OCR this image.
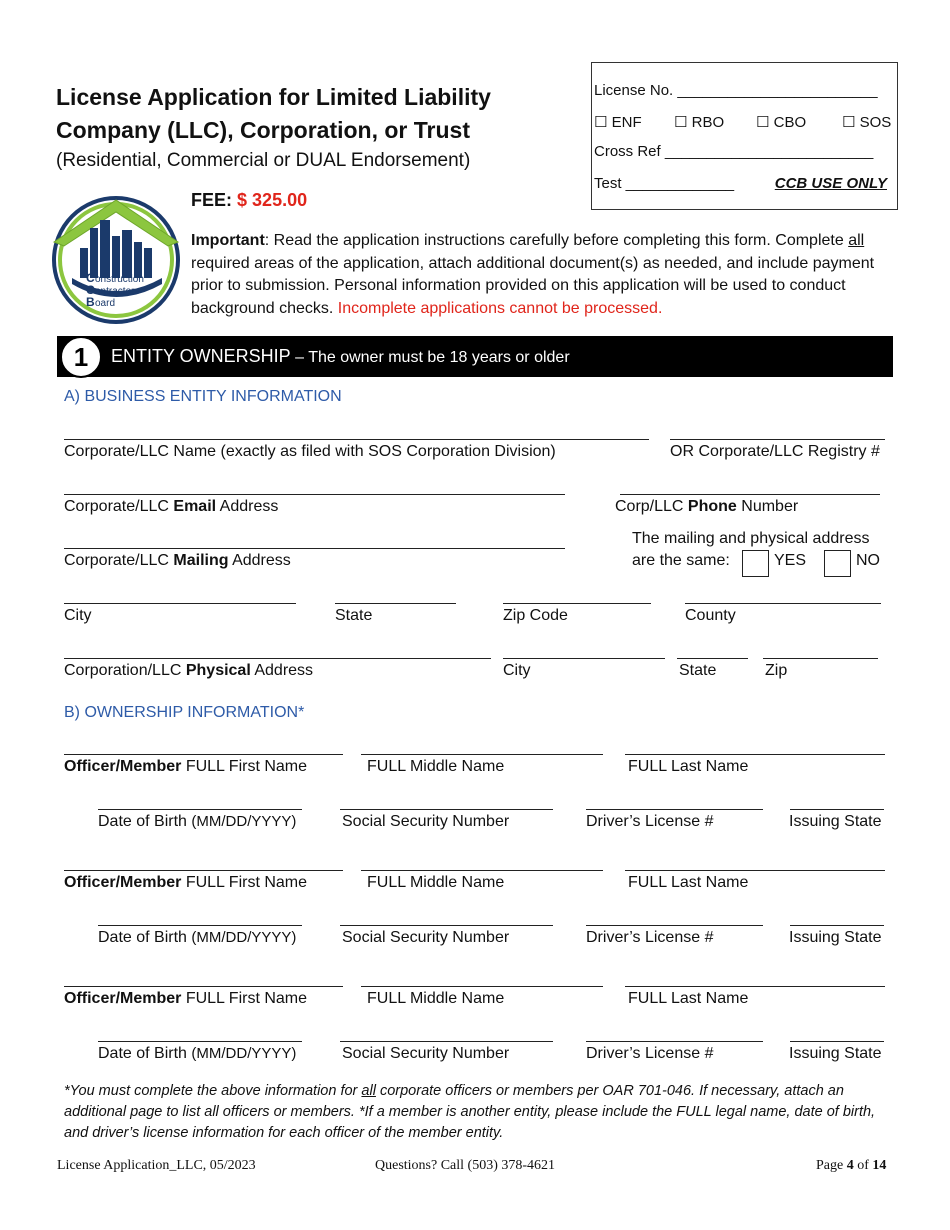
License Application for Limited Liability
Company (LLC), Corporation, or Trust
(Residential, Commercial or DUAL Endorsement)
C onstruction
C ontractors
B oard
FEE: $ 325.00
Important: Read the application instructions carefully before completing this form. Complete all required areas of the application, attach additional document(s) as needed, and include payment prior to submission. Personal information provided on this application will be used to conduct background checks. Incomplete applications cannot be processed.
License No. ________________________
☐ ENF ☐ RBO ☐ CBO ☐ SOS
Cross Ref _________________________
Test _____________	CCB USE ONLY
1	ENTITY OWNERSHIP – The owner must be 18 years or older
A) BUSINESS ENTITY INFORMATION
Corporate/LLC Name (exactly as filed with SOS Corporation Division)	OR Corporate/LLC Registry #
Corporate/LLC Email Address	Corp/LLC Phone Number
Corporate/LLC Mailing Address
The mailing and physical address
are the same:	YES	NO
City	State	Zip Code	County
Corporation/LLC Physical Address	City	State	Zip
B) OWNERSHIP INFORMATION*
Officer/Member FULL First Name	FULL Middle Name	FULL Last Name
Date of Birth (MM/DD/YYYY)	Social Security Number	Driver’s License #	Issuing State
Officer/Member FULL First Name	FULL Middle Name	FULL Last Name
Date of Birth (MM/DD/YYYY)	Social Security Number	Driver’s License #	Issuing State
Officer/Member FULL First Name	FULL Middle Name	FULL Last Name
Date of Birth (MM/DD/YYYY)	Social Security Number	Driver’s License #	Issuing State
*You must complete the above information for all corporate officers or members per OAR 701-046. If necessary, attach an additional page to list all officers or members. *If a member is another entity, please include the FULL legal name, date of birth, and driver’s license information for each officer of the member entity.
License Application_LLC, 05/2023	Questions? Call (503) 378-4621	Page 4 of 14
